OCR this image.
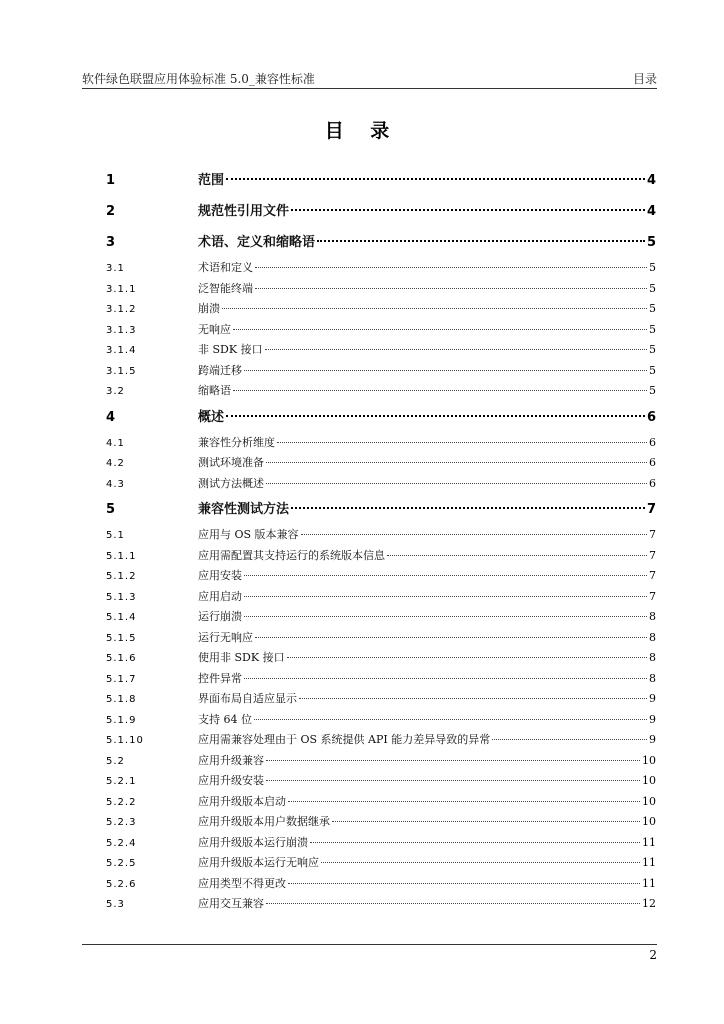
软件绿色联盟应用体验标准 5.0_兼容性标准	目录
目 录
1	范围	4
2	规范性引用文件	4
3	术语、定义和缩略语	5
3.1	术语和定义	5
3.1.1	泛智能终端	5
3.1.2	崩溃	5
3.1.3	无响应	5
3.1.4	非 SDK 接口	5
3.1.5	跨端迁移	5
3.2	缩略语	5
4	概述	6
4.1	兼容性分析维度	6
4.2	测试环境准备	6
4.3	测试方法概述	6
5	兼容性测试方法	7
5.1	应用与 OS 版本兼容	7
5.1.1	应用需配置其支持运行的系统版本信息	7
5.1.2	应用安装	7
5.1.3	应用启动	7
5.1.4	运行崩溃	8
5.1.5	运行无响应	8
5.1.6	使用非 SDK 接口	8
5.1.7	控件异常	8
5.1.8	界面布局自适应显示	9
5.1.9	支持 64 位	9
5.1.10	应用需兼容处理由于 OS 系统提供 API 能力差异导致的异常	9
5.2	应用升级兼容	10
5.2.1	应用升级安装	10
5.2.2	应用升级版本启动	10
5.2.3	应用升级版本用户数据继承	10
5.2.4	应用升级版本运行崩溃	11
5.2.5	应用升级版本运行无响应	11
5.2.6	应用类型不得更改	11
5.3	应用交互兼容	12
2
